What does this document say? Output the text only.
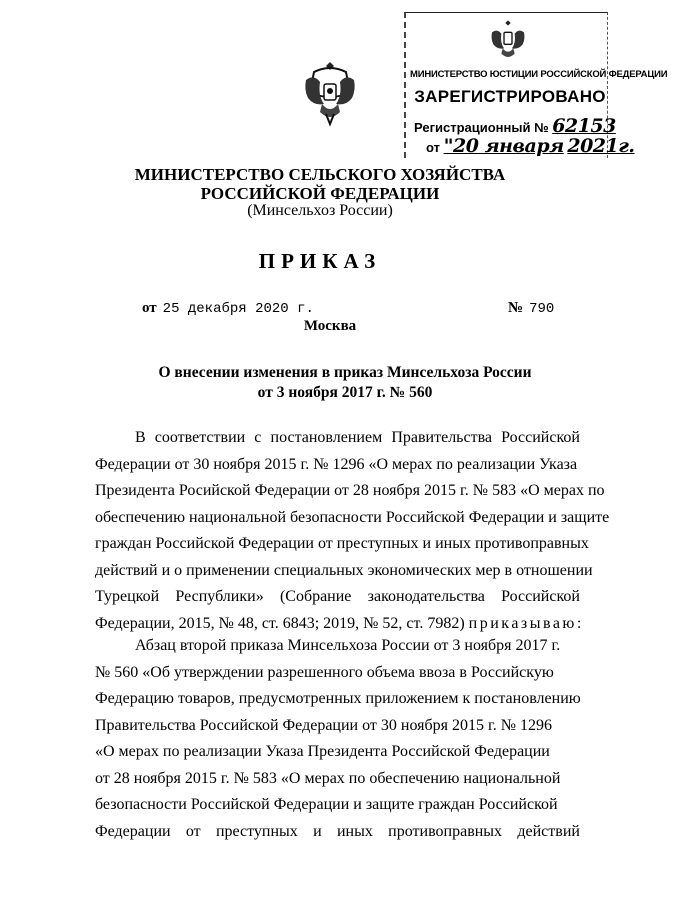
МИНИСТЕРСТВО ЮСТИЦИИ РОССИЙСКОЙ ФЕДЕРАЦИИ
ЗАРЕГИСТРИРОВАНО
Регистрационный № 62153
от "20 января 2021г.
МИНИСТЕРСТВО СЕЛЬСКОГО ХОЗЯЙСТВА
РОССИЙСКОЙ ФЕДЕРАЦИИ
(Минсельхоз России)
ПРИКАЗ
от 25 декабря 2020 г.	№ 790
Москва
О внесении изменения в приказ Минсельхоза России
от 3 ноября 2017 г. № 560
В соответствии с постановлением Правительства Российской
Федерации от 30 ноября 2015 г. № 1296 «О мерах по реализации Указа
Президента Росийской Федерации от 28 ноября 2015 г. № 583 «О мерах по
обеспечению национальной безопасности Российской Федерации и защите
граждан Российской Федерации от преступных и иных противоправных
действий и о применении специальных экономических мер в отношении
Турецкой Республики» (Собрание законодательства Российской
Федерации, 2015, № 48, ст. 6843; 2019, № 52, ст. 7982) приказываю:
Абзац второй приказа Минсельхоза России от 3 ноября 2017 г.
№ 560 «Об утверждении разрешенного объема ввоза в Российскую
Федерацию товаров, предусмотренных приложением к постановлению
Правительства Российской Федерации от 30 ноября 2015 г. № 1296
«О мерах по реализации Указа Президента Российской Федерации
от 28 ноября 2015 г. № 583 «О мерах по обеспечению национальной
безопасности Российской Федерации и защите граждан Российской
Федерации от преступных и иных противоправных действий
